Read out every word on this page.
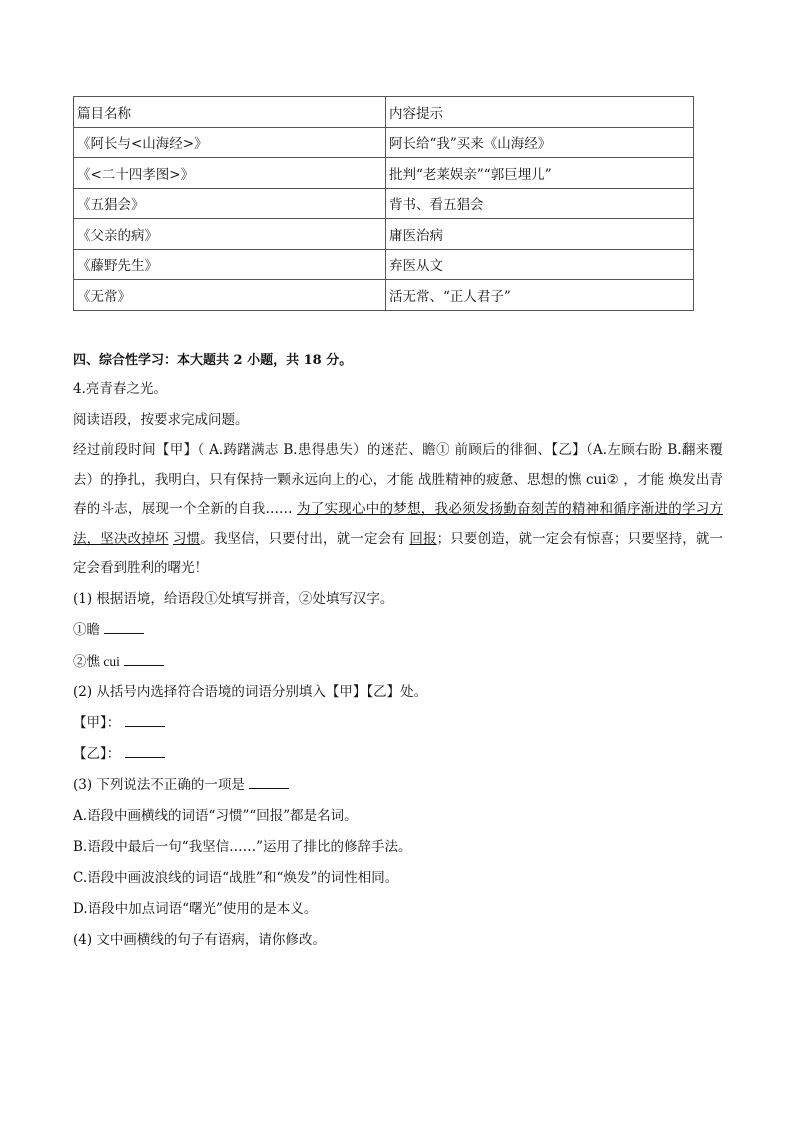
篇目名称	内容提示
《阿长与<山海经>》	阿长给“我”买来《山海经》
《<二十四孝图>》	批判“老莱娱亲”“郭巨埋儿”
《五猖会》	背书、看五猖会
《父亲的病》	庸医治病
《藤野先生》	弃医从文
《无常》	活无常、“正人君子”
四、综合性学习：本大题共 2 小题，共 18 分。
4.亮青春之光。
阅读语段，按要求完成问题。
经过前段时间【甲】（ A.踌躇满志 B.患得患失）的迷茫、瞻① 前顾后的徘徊、【乙】（A.左顾右盼 B.翻来覆去）的挣扎，我明白，只有保持一颗永远向上的心，才能 战胜精神的疲惫、思想的憔 cui② ，才能 焕发出青春的斗志，展现一个全新的自我…… 为了实现心中的梦想，我必须发扬勤奋刻苦的精神和循序渐进的学习方法，坚决改掉坏 习惯。我坚信，只要付出，就一定会有 回报；只要创造，就一定会有惊喜；只要坚持，就一定会看到胜利的曙光！
(1) 根据语境，给语段①处填写拼音，②处填写汉字。
①瞻
②憔 cui
(2) 从括号内选择符合语境的词语分别填入【甲】【乙】处。
【甲】：
【乙】：
(3) 下列说法不正确的一项是
A.语段中画横线的词语“习惯”“回报”都是名词。
B.语段中最后一句“我坚信……”运用了排比的修辞手法。
C.语段中画波浪线的词语“战胜”和“焕发”的词性相同。
D.语段中加点词语“曙光”使用的是本义。
(4) 文中画横线的句子有语病，请你修改。
